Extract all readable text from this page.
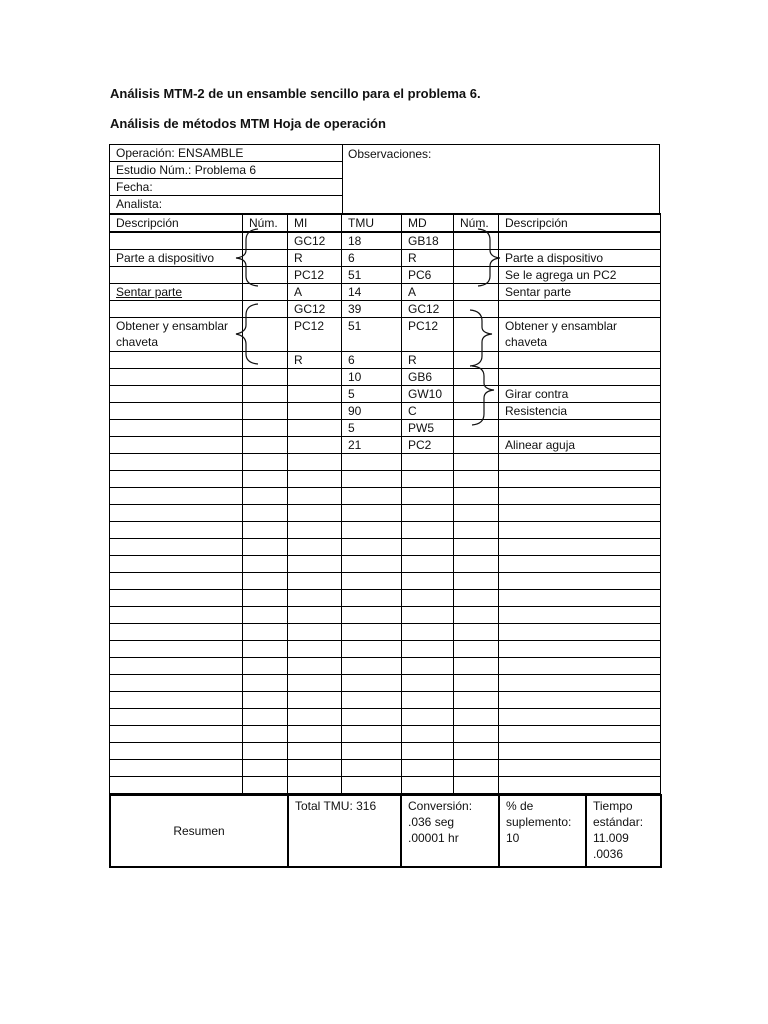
Análisis MTM-2 de un ensamble sencillo para el problema 6.
Análisis de métodos MTM Hoja de operación
Operación: ENSAMBLE
Estudio Núm.: Problema 6
Fecha:
Analista:
Observaciones:
Descripción	Núm.	MI	TMU	MD	Núm.	Descripción
		GC12	18	GB18		
Parte a dispositivo		R	6	R		Parte a dispositivo
		PC12	51	PC6		Se le agrega un PC2
Sentar parte		A	14	A		Sentar parte
		GC12	39	GC12		
Obtener y ensamblar chaveta		PC12	51	PC12		Obtener y ensamblar chaveta
		R	6	R		
			10	GB6		
			5	GW10		Girar contra
			90	C		Resistencia
			5	PW5		
			21	PC2		Alinear aguja

Resumen	Total TMU: 316	Conversión: .036 seg .00001 hr	% de suplemento: 10	Tiempo estándar: 11.009 .0036
